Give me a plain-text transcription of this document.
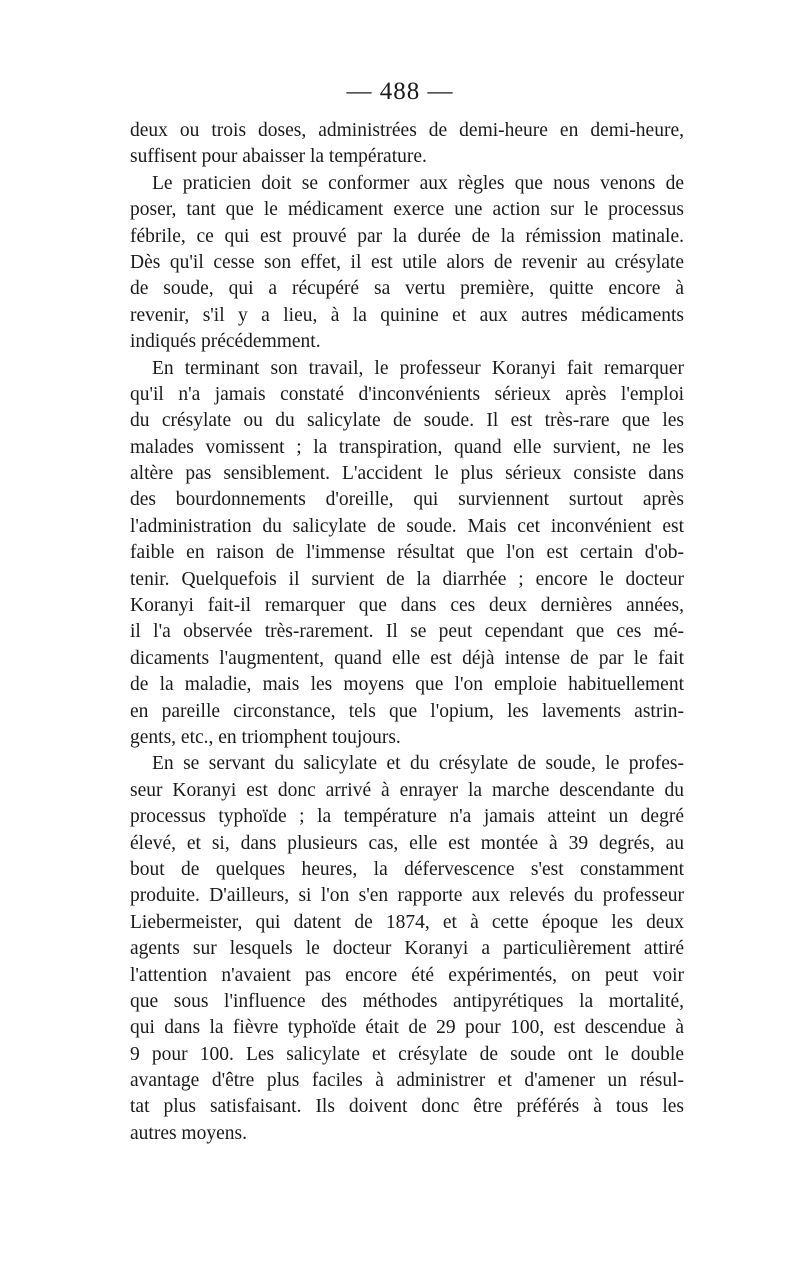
— 488 —
deux ou trois doses, administrées de demi-heure en demi-heure,
suffisent pour abaisser la température.
Le praticien doit se conformer aux règles que nous venons de
poser, tant que le médicament exerce une action sur le processus
fébrile, ce qui est prouvé par la durée de la rémission matinale.
Dès qu'il cesse son effet, il est utile alors de revenir au crésylate
de soude, qui a récupéré sa vertu première, quitte encore à
revenir, s'il y a lieu, à la quinine et aux autres médicaments
indiqués précédemment.
En terminant son travail, le professeur Koranyi fait remarquer
qu'il n'a jamais constaté d'inconvénients sérieux après l'emploi
du crésylate ou du salicylate de soude. Il est très-rare que les
malades vomissent ; la transpiration, quand elle survient, ne les
altère pas sensiblement. L'accident le plus sérieux consiste dans
des bourdonnements d'oreille, qui surviennent surtout après
l'administration du salicylate de soude. Mais cet inconvénient est
faible en raison de l'immense résultat que l'on est certain d'ob-
tenir. Quelquefois il survient de la diarrhée ; encore le docteur
Koranyi fait-il remarquer que dans ces deux dernières années,
il l'a observée très-rarement. Il se peut cependant que ces mé-
dicaments l'augmentent, quand elle est déjà intense de par le fait
de la maladie, mais les moyens que l'on emploie habituellement
en pareille circonstance, tels que l'opium, les lavements astrin-
gents, etc., en triomphent toujours.
En se servant du salicylate et du crésylate de soude, le profes-
seur Koranyi est donc arrivé à enrayer la marche descendante du
processus typhoïde ; la température n'a jamais atteint un degré
élevé, et si, dans plusieurs cas, elle est montée à 39 degrés, au
bout de quelques heures, la défervescence s'est constamment
produite. D'ailleurs, si l'on s'en rapporte aux relevés du professeur
Liebermeister, qui datent de 1874, et à cette époque les deux
agents sur lesquels le docteur Koranyi a particulièrement attiré
l'attention n'avaient pas encore été expérimentés, on peut voir
que sous l'influence des méthodes antipyrétiques la mortalité,
qui dans la fièvre typhoïde était de 29 pour 100, est descendue à
9 pour 100. Les salicylate et crésylate de soude ont le double
avantage d'être plus faciles à administrer et d'amener un résul-
tat plus satisfaisant. Ils doivent donc être préférés à tous les
autres moyens.
